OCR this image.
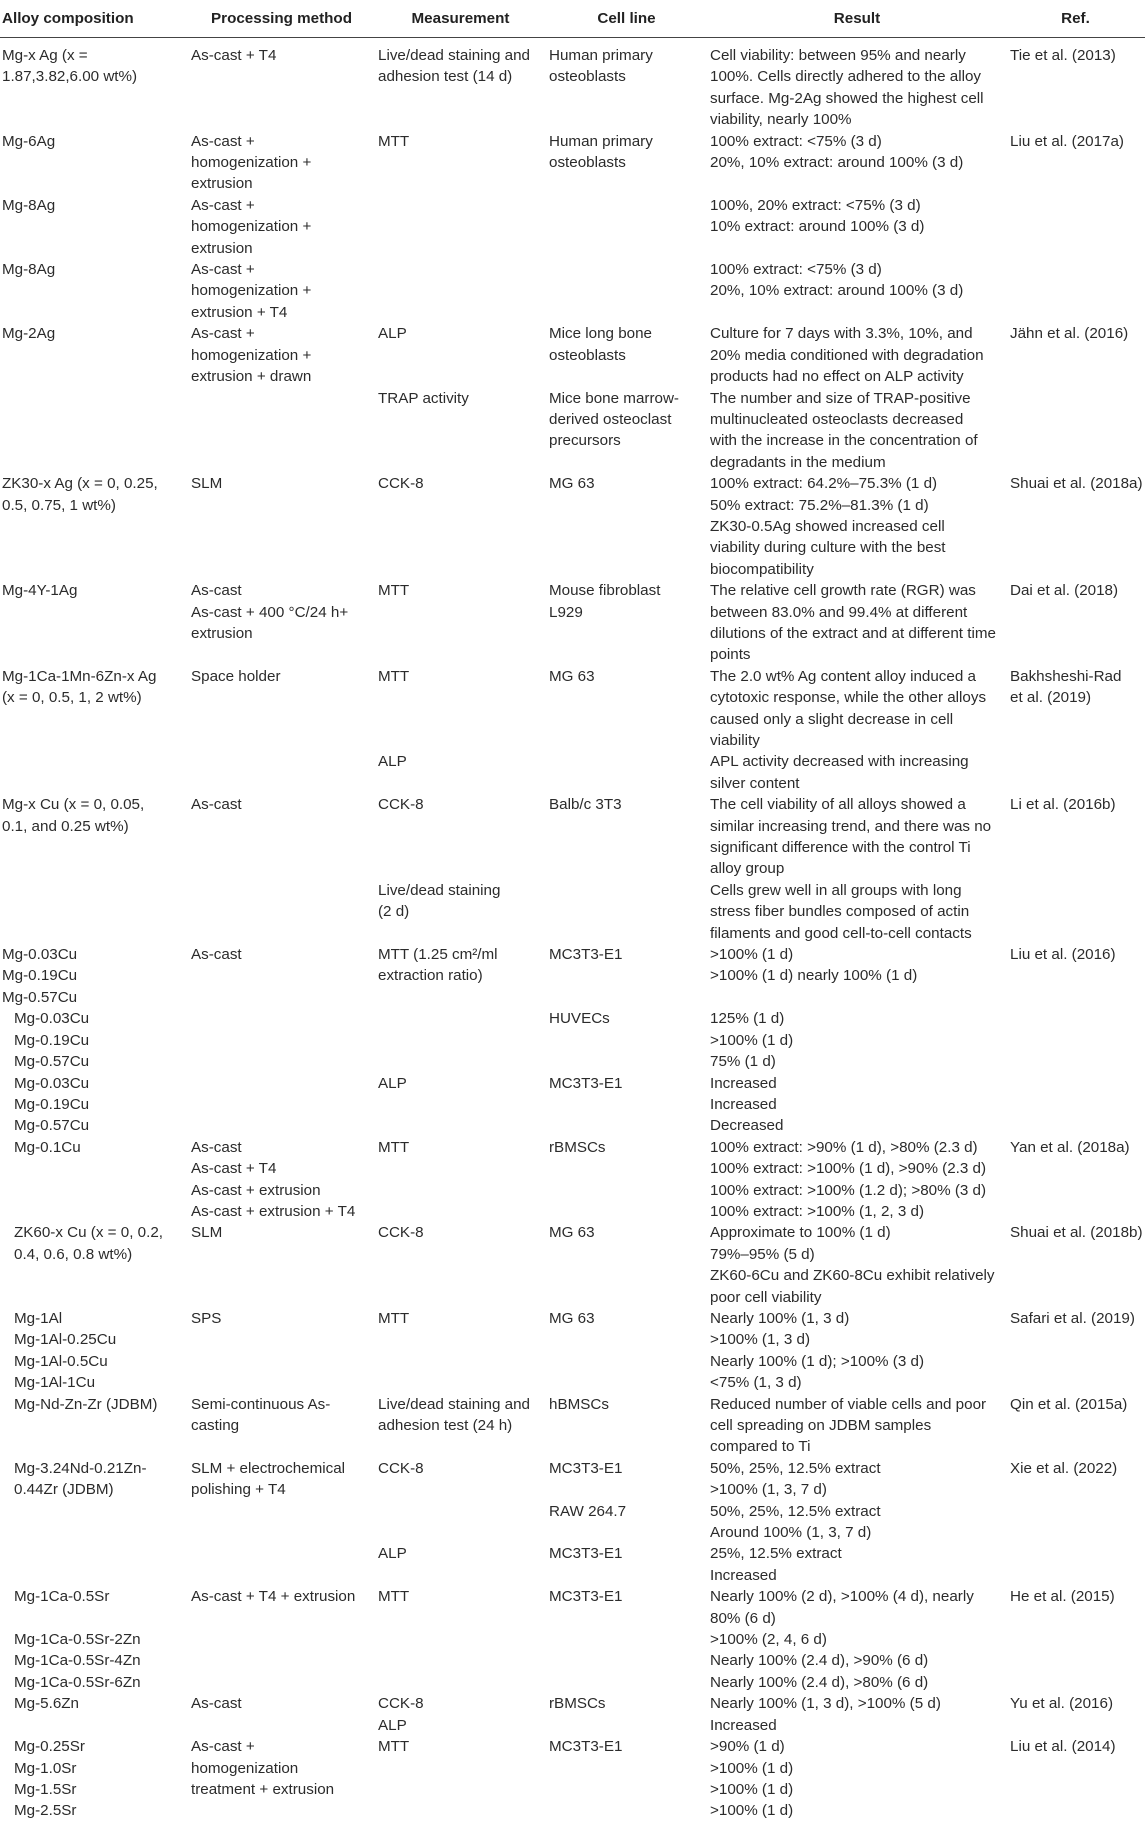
Alloy composition	Processing method	Measurement	Cell line	Result	Ref.

Mg-x Ag (x =
1.87,3.82,6.00 wt%)	As-cast + T4	Live/dead staining and
adhesion test (14 d)	Human primary
osteoblasts	Cell viability: between 95% and nearly
100%. Cells directly adhered to the alloy
surface. Mg-2Ag showed the highest cell
viability, nearly 100%	Tie et al. (2013)

Mg-6Ag	As-cast +
homogenization +
extrusion	MTT	Human primary
osteoblasts	100% extract: <75% (3 d)
20%, 10% extract: around 100% (3 d)	Liu et al. (2017a)

Mg-8Ag	As-cast +
homogenization +
extrusion			100%, 20% extract: <75% (3 d)
10% extract: around 100% (3 d)	

Mg-8Ag	As-cast +
homogenization +
extrusion + T4			100% extract: <75% (3 d)
20%, 10% extract: around 100% (3 d)	

Mg-2Ag	As-cast +
homogenization +
extrusion + drawn	ALP	Mice long bone
osteoblasts	Culture for 7 days with 3.3%, 10%, and
20% media conditioned with degradation
products had no effect on ALP activity	Jähn et al. (2016)

		TRAP activity	Mice bone marrow-
derived osteoclast
precursors	The number and size of TRAP-positive
multinucleated osteoclasts decreased
with the increase in the concentration of
degradants in the medium	

ZK30-x Ag (x = 0, 0.25,
0.5, 0.75, 1 wt%)	SLM	CCK-8	MG 63	100% extract: 64.2%–75.3% (1 d)
50% extract: 75.2%–81.3% (1 d)
ZK30-0.5Ag showed increased cell
viability during culture with the best
biocompatibility	Shuai et al. (2018a)

Mg-4Y-1Ag	As-cast
As-cast + 400 °C/24 h+
extrusion	MTT	Mouse fibroblast
L929	The relative cell growth rate (RGR) was
between 83.0% and 99.4% at different
dilutions of the extract and at different time
points	Dai et al. (2018)

Mg-1Ca-1Mn-6Zn-x Ag
(x = 0, 0.5, 1, 2 wt%)	Space holder	MTT	MG 63	The 2.0 wt% Ag content alloy induced a
cytotoxic response, while the other alloys
caused only a slight decrease in cell
viability	Bakhsheshi-Rad
et al. (2019)

		ALP		APL activity decreased with increasing
silver content	

Mg-x Cu (x = 0, 0.05,
0.1, and 0.25 wt%)	As-cast	CCK-8	Balb/c 3T3	The cell viability of all alloys showed a
similar increasing trend, and there was no
significant difference with the control Ti
alloy group	Li et al. (2016b)

		Live/dead staining
(2 d)		Cells grew well in all groups with long
stress fiber bundles composed of actin
filaments and good cell-to-cell contacts	

Mg-0.03Cu
Mg-0.19Cu
Mg-0.57Cu	As-cast	MTT (1.25 cm²/ml
extraction ratio)	MC3T3-E1	>100% (1 d)
>100% (1 d) nearly 100% (1 d)	Liu et al. (2016)

Mg-0.03Cu
Mg-0.19Cu
Mg-0.57Cu			HUVECs	125% (1 d)
>100% (1 d)
75% (1 d)	

Mg-0.03Cu
Mg-0.19Cu
Mg-0.57Cu		ALP	MC3T3-E1	Increased
Increased
Decreased	

Mg-0.1Cu	As-cast
As-cast + T4
As-cast + extrusion
As-cast + extrusion + T4	MTT	rBMSCs	100% extract: >90% (1 d), >80% (2.3 d)
100% extract: >100% (1 d), >90% (2.3 d)
100% extract: >100% (1.2 d); >80% (3 d)
100% extract: >100% (1, 2, 3 d)	Yan et al. (2018a)

ZK60-x Cu (x = 0, 0.2,
0.4, 0.6, 0.8 wt%)	SLM	CCK-8	MG 63	Approximate to 100% (1 d)
79%–95% (5 d)
ZK60-6Cu and ZK60-8Cu exhibit relatively
poor cell viability	Shuai et al. (2018b)

Mg-1Al
Mg-1Al-0.25Cu
Mg-1Al-0.5Cu
Mg-1Al-1Cu	SPS	MTT	MG 63	Nearly 100% (1, 3 d)
>100% (1, 3 d)
Nearly 100% (1 d); >100% (3 d)
<75% (1, 3 d)	Safari et al. (2019)

Mg-Nd-Zn-Zr (JDBM)	Semi-continuous As-
casting	Live/dead staining and
adhesion test (24 h)	hBMSCs	Reduced number of viable cells and poor
cell spreading on JDBM samples
compared to Ti	Qin et al. (2015a)

Mg-3.24Nd-0.21Zn-
0.44Zr (JDBM)	SLM + electrochemical
polishing + T4	CCK-8	MC3T3-E1	50%, 25%, 12.5% extract
>100% (1, 3, 7 d)	Xie et al. (2022)

			RAW 264.7	50%, 25%, 12.5% extract
Around 100% (1, 3, 7 d)	

		ALP	MC3T3-E1	25%, 12.5% extract
Increased	

Mg-1Ca-0.5Sr	As-cast + T4 + extrusion	MTT	MC3T3-E1	Nearly 100% (2 d), >100% (4 d), nearly
80% (6 d)	He et al. (2015)

Mg-1Ca-0.5Sr-2Zn
Mg-1Ca-0.5Sr-4Zn
Mg-1Ca-0.5Sr-6Zn				>100% (2, 4, 6 d)
Nearly 100% (2.4 d), >90% (6 d)
Nearly 100% (2.4 d), >80% (6 d)	

Mg-5.6Zn	As-cast	CCK-8
ALP	rBMSCs	Nearly 100% (1, 3 d), >100% (5 d)
Increased	Yu et al. (2016)

Mg-0.25Sr
Mg-1.0Sr
Mg-1.5Sr
Mg-2.5Sr	As-cast +
homogenization
treatment + extrusion	MTT	MC3T3-E1	>90% (1 d)
>100% (1 d)
>100% (1 d)
>100% (1 d)	Liu et al. (2014)
